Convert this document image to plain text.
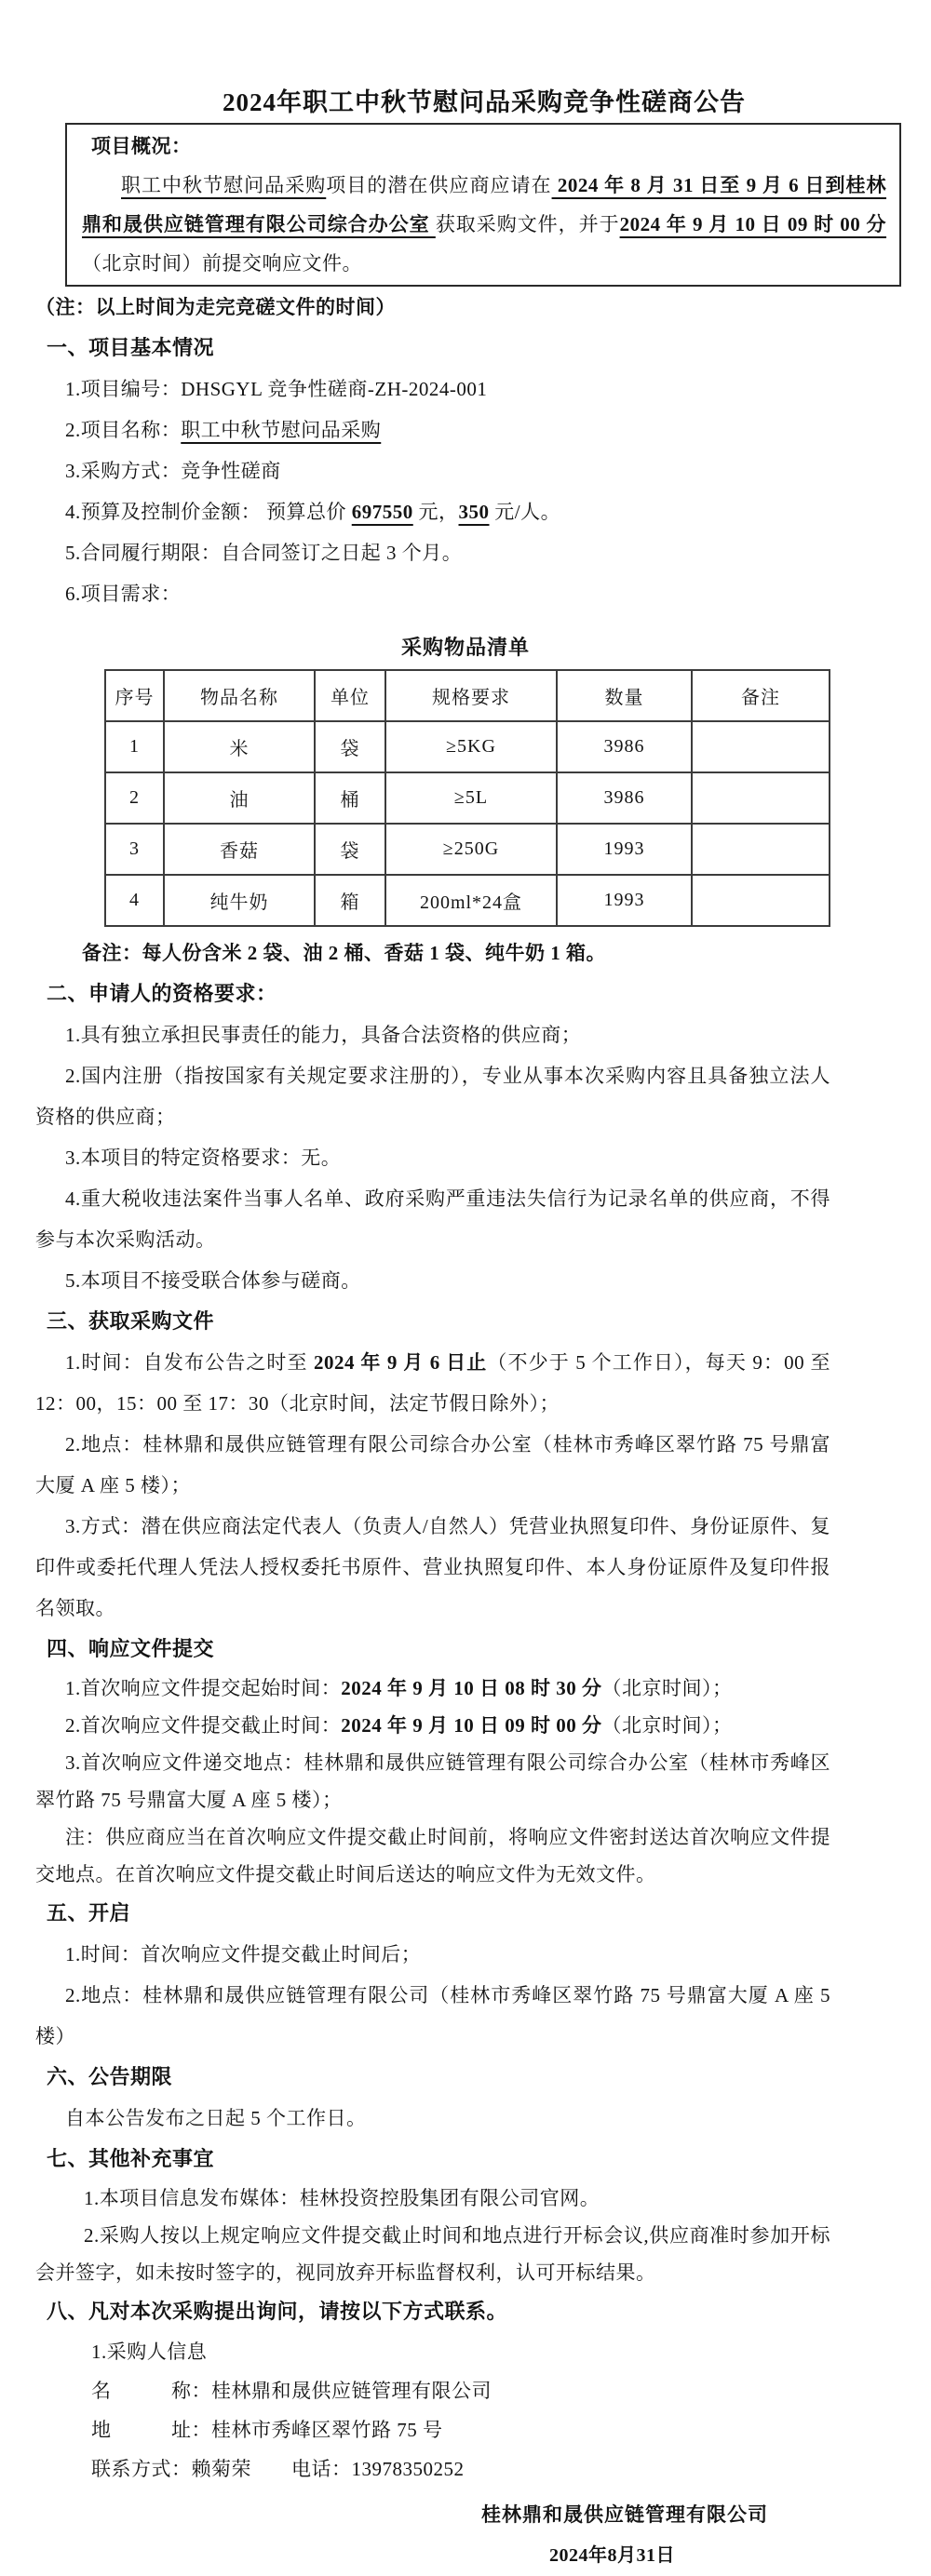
2024年职工中秋节慰问品采购竞争性磋商公告

项目概况：

职工中秋节慰问品采购项目的潜在供应商应请在 2024 年 8 月 31 日至 9 月 6 日到桂林鼎和晟供应链管理有限公司综合办公室 获取采购文件，并于2024 年 9 月 10 日 09 时 00 分（北京时间）前提交响应文件。

（注：以上时间为走完竞磋文件的时间）

一、项目基本情况

1.项目编号：DHSGYL 竞争性磋商-ZH-2024-001

2.项目名称：职工中秋节慰问品采购

3.采购方式：竞争性磋商

4.预算及控制价金额： 预算总价 697550 元，350 元/人。

5.合同履行期限：自合同签订之日起 3 个月。

6.项目需求：

采购物品清单

序号	物品名称	单位	规格要求	数量	备注
1	米	袋	≥5KG	3986	
2	油	桶	≥5L	3986	
3	香菇	袋	≥250G	1993	
4	纯牛奶	箱	200ml*24盒	1993	

备注：每人份含米 2 袋、油 2 桶、香菇 1 袋、纯牛奶 1 箱。

二、申请人的资格要求：

1.具有独立承担民事责任的能力，具备合法资格的供应商；

2.国内注册（指按国家有关规定要求注册的），专业从事本次采购内容且具备独立法人资格的供应商；

3.本项目的特定资格要求：无。

4.重大税收违法案件当事人名单、政府采购严重违法失信行为记录名单的供应商，不得参与本次采购活动。

5.本项目不接受联合体参与磋商。

三、获取采购文件

1.时间：自发布公告之时至 2024 年 9 月 6 日止（不少于 5 个工作日），每天 9：00 至 12：00，15：00 至 17：30（北京时间，法定节假日除外）；

2.地点：桂林鼎和晟供应链管理有限公司综合办公室（桂林市秀峰区翠竹路 75 号鼎富大厦 A 座 5 楼）；

3.方式：潜在供应商法定代表人（负责人/自然人）凭营业执照复印件、身份证原件、复印件或委托代理人凭法人授权委托书原件、营业执照复印件、本人身份证原件及复印件报名领取。

四、响应文件提交

1.首次响应文件提交起始时间：2024 年 9 月 10 日 08 时 30 分（北京时间）；

2.首次响应文件提交截止时间：2024 年 9 月 10 日 09 时 00 分（北京时间）；

3.首次响应文件递交地点：桂林鼎和晟供应链管理有限公司综合办公室（桂林市秀峰区翠竹路 75 号鼎富大厦 A 座 5 楼）；

注：供应商应当在首次响应文件提交截止时间前，将响应文件密封送达首次响应文件提交地点。在首次响应文件提交截止时间后送达的响应文件为无效文件。

五、开启

1.时间：首次响应文件提交截止时间后；

2.地点：桂林鼎和晟供应链管理有限公司（桂林市秀峰区翠竹路 75 号鼎富大厦 A 座 5 楼）

六、公告期限

自本公告发布之日起 5 个工作日。

七、其他补充事宜

1.本项目信息发布媒体：桂林投资控股集团有限公司官网。

2.采购人按以上规定响应文件提交截止时间和地点进行开标会议,供应商准时参加开标会并签字，如未按时签字的，视同放弃开标监督权利，认可开标结果。

八、凡对本次采购提出询问，请按以下方式联系。

1.采购人信息

名　　　称：桂林鼎和晟供应链管理有限公司

地　　　址：桂林市秀峰区翠竹路 75 号

联系方式：赖菊荣　　电话：13978350252

桂林鼎和晟供应链管理有限公司
2024年8月31日
